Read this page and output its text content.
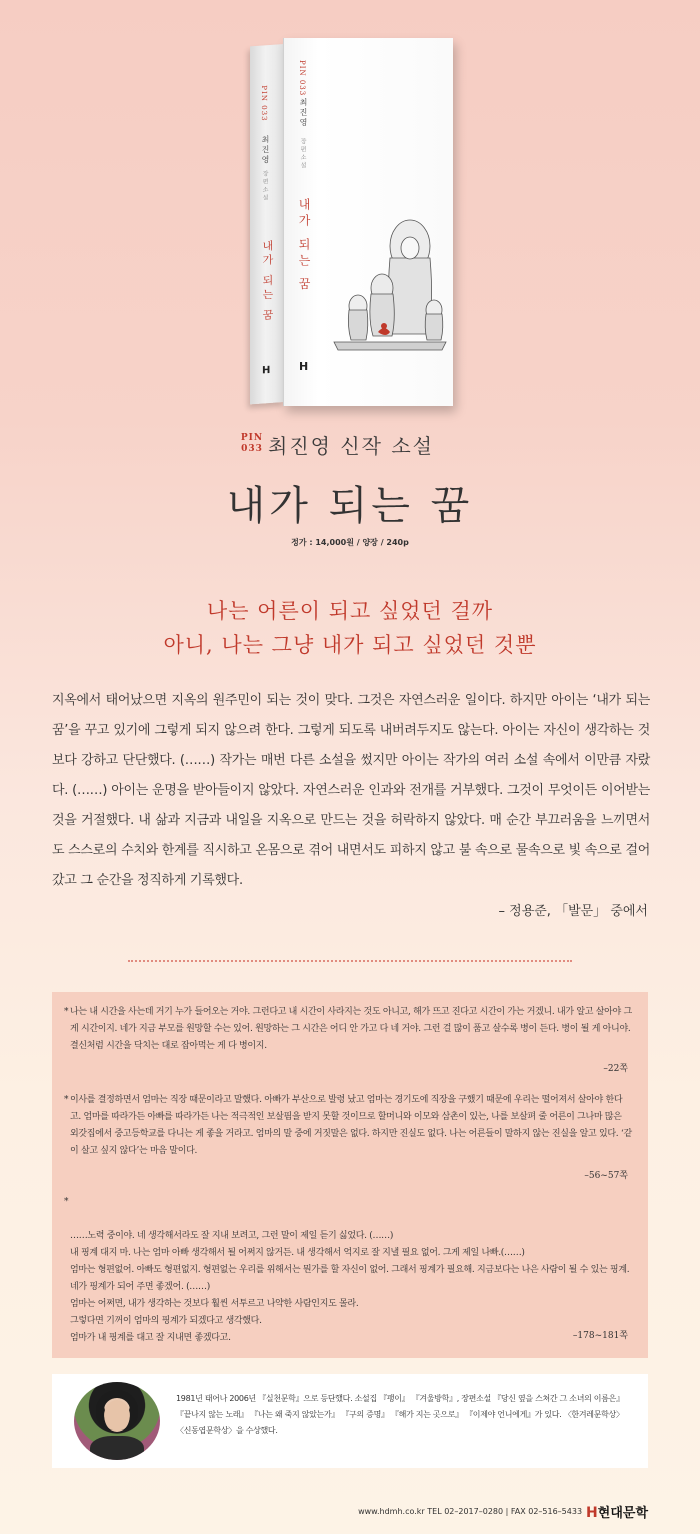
PIN 033
최진영
장편소설
내가 되는 꿈
H
PIN 033
최진영
장편소설
내가 되는 꿈
H
PIN
033 최진영 신작 소설
내가 되는 꿈
정가 : 14,000원 / 양장 / 240p
나는 어른이 되고 싶었던 걸까
아니, 나는 그냥 내가 되고 싶었던 것뿐

지옥에서 태어났으면 지옥의 원주민이 되는 것이 맞다. 그것은 자연스러운 일이다. 하지만 아이는 ‘내가 되는 꿈’을 꾸고 있기에 그렇게 되지 않으려 한다. 그렇게 되도록 내버려두지도 않는다. 아이는 자신이 생각하는 것보다 강하고 단단했다. (……) 작가는 매번 다른 소설을 썼지만 아이는 작가의 여러 소설 속에서 이만큼 자랐다. (……) 아이는 운명을 받아들이지 않았다. 자연스러운 인과와 전개를 거부했다. 그것이 무엇이든 이어받는 것을 거절했다. 내 삶과 지금과 내일을 지옥으로 만드는 것을 허락하지 않았다. 매 순간 부끄러움을 느끼면서도 스스로의 수치와 한계를 직시하고 온몸으로 겪어 내면서도 피하지 않고 불 속으로 물속으로 빛 속으로 걸어갔고 그 순간을 정직하게 기록했다.

– 정용준, 「발문」 중에서
* 나는 내 시간을 사는데 거기 누가 들어오는 거야. 그런다고 내 시간이 사라지는 것도 아니고, 해가 뜨고 진다고 시간이 가는 거겠니. 내가 알고 살아야 그게 시간이지. 네가 지금 부모를 원망할 수는 있어. 원망하는 그 시간은 어디 안 가고 다 네 거야. 그런 걸 많이 품고 살수록 병이 든다. 병이 될 게 아니야. 결신처럼 시간을 닥치는 대로 잡아먹는 게 다 병이지.
–22쪽
* 이사를 결정하면서 엄마는 직장 때문이라고 말했다. 아빠가 부산으로 발령 났고 엄마는 경기도에 직장을 구했기 때문에 우리는 떨어져서 살아야 한다고. 엄마를 따라가든 아빠를 따라가든 나는 적극적인 보살핌을 받지 못할 것이므로 할머니와 이모와 삼촌이 있는, 나를 보살펴 줄 어른이 그나마 많은 외갓집에서 중고등학교를 다니는 게 좋을 거라고. 엄마의 말 중에 거짓말은 없다. 하지만 진실도 없다. 나는 어른들이 말하지 않는 진실을 알고 있다. ‘같이 살고 싶지 않다’는 마음 말이다.
–56~57쪽

*

……노력 중이야. 네 생각해서라도 잘 지내 보려고, 그런 말이 제일 듣기 싫었다. (……)
내 핑계 대지 마. 나는 엄마 아빠 생각해서 될 어쩌지 않거든. 내 생각해서 억지로 잘 지낼 필요 없어. 그게 제일 나빠.(……)
엄마는 형편없어. 아빠도 형편없지. 형편없는 우리를 위해서는 뭔가를 할 자신이 없어. 그래서 핑계가 필요해. 지금보다는 나은 사람이 될 수 있는 핑계. 네가 핑계가 되어 주면 좋겠어. (……)
엄마는 어쩌면, 내가 생각하는 것보다 훨씬 서투르고 나약한 사람인지도 몰라.
그렇다면 기꺼이 엄마의 핑계가 되겠다고 생각했다.
엄마가 내 핑계를 대고 잘 지내면 좋겠다고.	–178~181쪽

1981년 태어나 2006년 『실천문학』으로 등단했다. 소설집 『팽이』 『겨울방학』, 장편소설 『당신 옆을 스쳐간 그 소녀의 이름은』 『끝나지 않는 노래』 『나는 왜 죽지 않았는가』 『구의 증명』 『해가 지는 곳으로』 『이제야 언니에게』가 있다. 〈한겨레문학상〉 〈신동엽문학상〉을 수상했다.

www.hdmh.co.kr TEL 02–2017–0280 | FAX 02–516–5433 H현대문학
